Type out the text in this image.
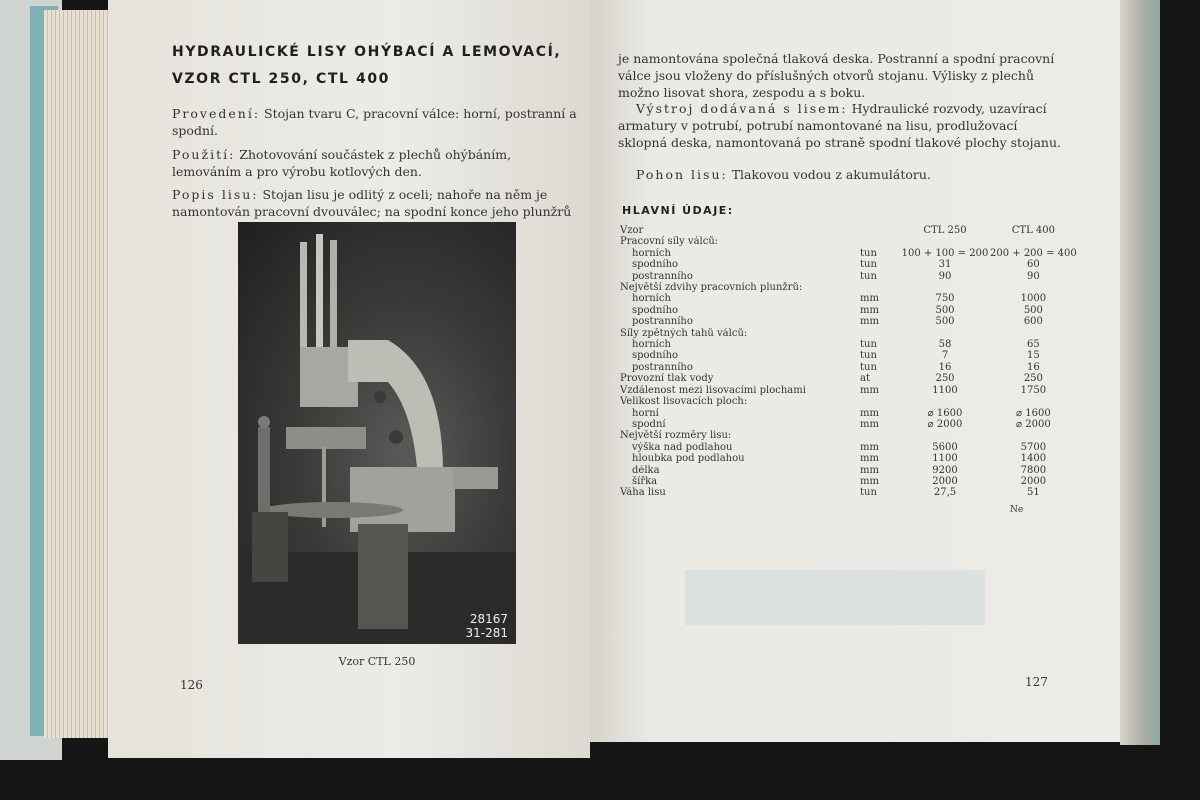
HYDRAULICKÉ LISY OHÝBACÍ A LEMOVACÍ,
VZOR CTL 250, CTL 400
Provedení: Stojan tvaru C, pracovní válce: horní, postranní a spodní.
Použití: Zhotovování součástek z plechů ohýbáním, lemováním a pro výrobu kotlových den.
Popis lisu: Stojan lisu je odlitý z oceli; nahoře na něm je namontován pracovní dvouválec; na spodní konce jeho plunžrů
28167
31-281
Vzor CTL 250
126
je namontována společná tlaková deska. Postranní a spodní pracovní válce jsou vloženy do příslušných otvorů stojanu. Výlisky z plechů možno lisovat shora, zespodu a s boku.
Výstroj dodávaná s lisem: Hydraulické rozvody, uzavírací armatury v potrubí, potrubí namontované na lisu, prodlužovací sklopná deska, namontovaná po straně spodní tlakové plochy stojanu.
Pohon lisu: Tlakovou vodou z akumulátoru.
HLAVNÍ ÚDAJE:
Vzor		CTL 250	CTL 400
Pracovní síly válců:			
horních	tun	100 + 100 = 200	200 + 200 = 400
spodního	tun	31	60
postranního	tun	90	90
Největší zdvihy pracovních plunžrů:			
horních	mm	750	1000
spodního	mm	500	500
postranního	mm	500	600
Síly zpětných tahů válců:			
horních	tun	58	65
spodního	tun	7	15
postranního	tun	16	16
Provozní tlak vody	at	250	250
Vzdálenost mezi lisovacími plochami	mm	1100	1750
Velikost lisovacích ploch:			
horní	mm	⌀ 1600	⌀ 1600
spodní	mm	⌀ 2000	⌀ 2000
Největší rozměry lisu:			
výška nad podlahou	mm	5600	5700
hloubka pod podlahou	mm	1100	1400
délka	mm	9200	7800
šířka	mm	2000	2000
Váha lisu	tun	27,5	51
Ne
127
